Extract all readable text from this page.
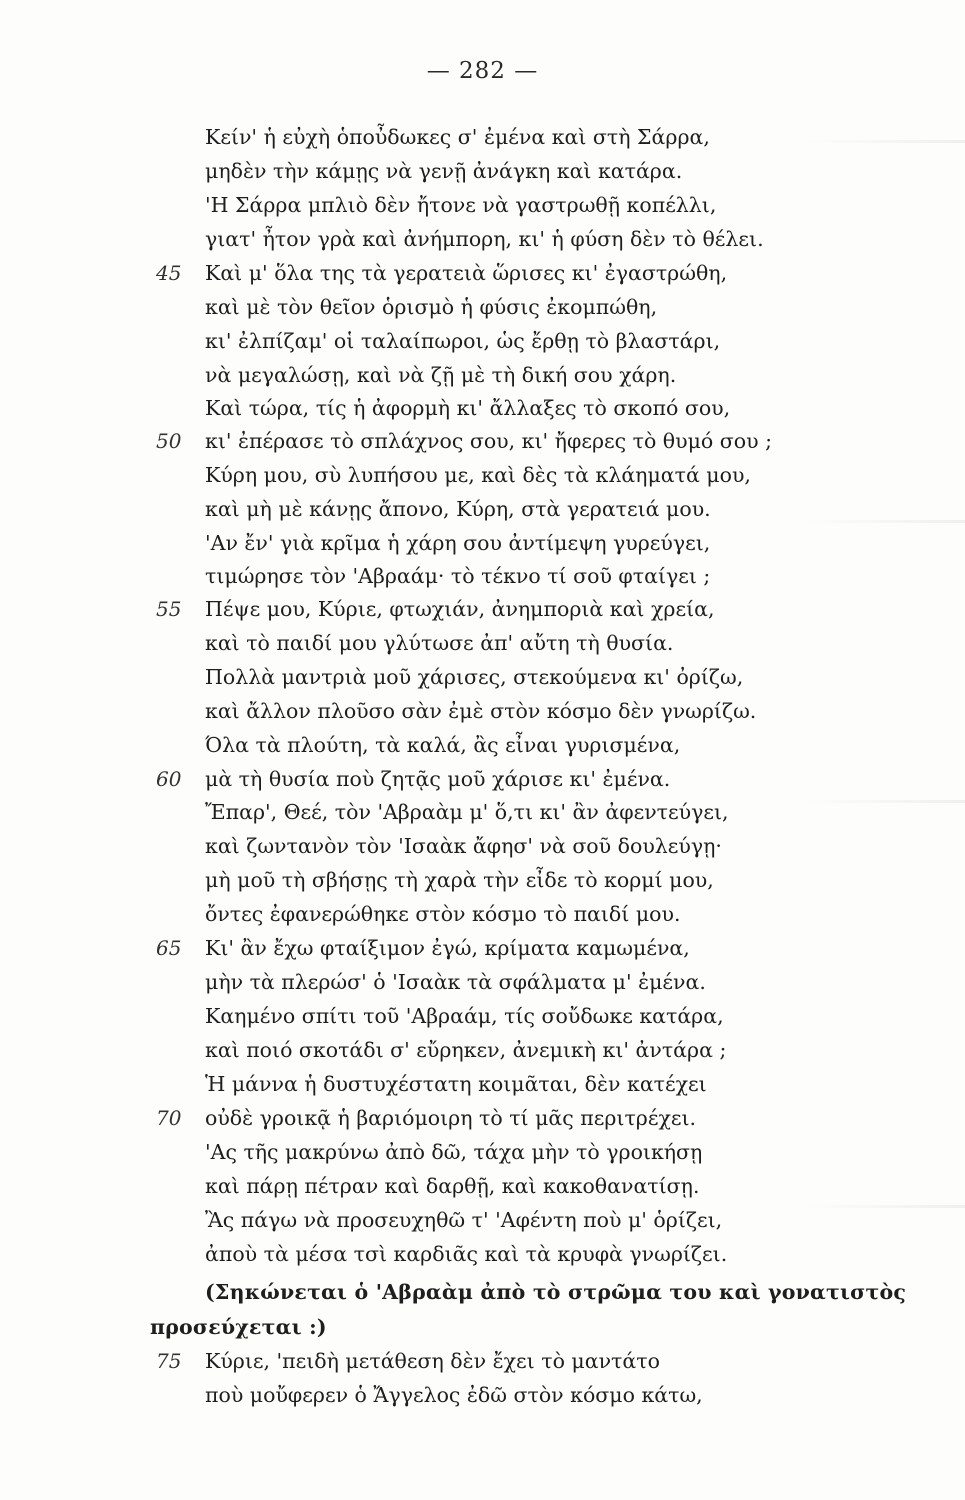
— 282 —
45
50
55
60
65
70
75
Κείν' ἡ εὐχὴ ὁποὖδωκες σ' ἐμένα καὶ στὴ Σάρρα,
μηδὲν τὴν κάμῃς νὰ γενῇ ἀνάγκη καὶ κατάρα.
'Η Σάρρα μπλιὸ δὲν ἤτονε νὰ γαστρωθῇ κοπέλλι,
γιατ' ἦτον γρὰ καὶ ἀνήμπορη, κι' ἡ φύση δὲν τὸ θέλει.
Καὶ μ' ὅλα της τὰ γερατειὰ ὥρισες κι' ἐγαστρώθη,
καὶ μὲ τὸν θεῖον ὁρισμὸ ἡ φύσις ἐκομπώθη,
κι' ἐλπίζαμ' οἱ ταλαίπωροι, ὡς ἔρθῃ τὸ βλαστάρι,
νὰ μεγαλώσῃ, καὶ νὰ ζῇ μὲ τὴ δική σου χάρη.
Καὶ τώρα, τίς ἡ ἀφορμὴ κι' ἄλλαξες τὸ σκοπό σου,
κι' ἐπέρασε τὸ σπλάχνος σου, κι' ἤφερες τὸ θυμό σου ;
Κύρη μου, σὺ λυπήσου με, καὶ δὲς τὰ κλάηματά μου,
καὶ μὴ μὲ κάνῃς ἄπονο, Κύρη, στὰ γερατειά μου.
'Αν ἔν' γιὰ κρῖμα ἡ χάρη σου ἀντίμεψη γυρεύγει,
τιμώρησε τὸν 'Αβραάμ· τὸ τέκνο τί σοῦ φταίγει ;
Πέψε μου, Κύριε, φτωχιάν, ἀνημποριὰ καὶ χρεία,
καὶ τὸ παιδί μου γλύτωσε ἀπ' αὔτη τὴ θυσία.
Πολλὰ μαντριὰ μοῦ χάρισες, στεκούμενα κι' ὀρίζω,
καὶ ἄλλον πλοῦσο σὰν ἐμὲ στὸν κόσμο δὲν γνωρίζω.
Όλα τὰ πλούτη, τὰ καλά, ἂς εἶναι γυρισμένα,
μὰ τὴ θυσία ποὺ ζητᾷς μοῦ χάρισε κι' ἐμένα.
Ἔπαρ', Θεέ, τὸν 'Αβραὰμ μ' ὅ,τι κι' ἂν ἀφεντεύγει,
καὶ ζωντανὸν τὸν 'Ισαὰκ ἄφησ' νὰ σοῦ δουλεύγῃ·
μὴ μοῦ τὴ σβήσῃς τὴ χαρὰ τὴν εἶδε τὸ κορμί μου,
ὄντες ἐφανερώθηκε στὸν κόσμο τὸ παιδί μου.
Κι' ἂν ἔχω φταίξιμον ἐγώ, κρίματα καμωμένα,
μὴν τὰ πλερώσ' ὁ 'Ισαὰκ τὰ σφάλματα μ' ἐμένα.
Καημένο σπίτι τοῦ 'Αβραάμ, τίς σοὔδωκε κατάρα,
καὶ ποιό σκοτάδι σ' εὔρηκεν, ἀνεμικὴ κι' ἀντάρα ;
Ἡ μάννα ἡ δυστυχέστατη κοιμᾶται, δὲν κατέχει
οὐδὲ γροικᾷ ἡ βαριόμοιρη τὸ τί μᾶς περιτρέχει.
'Ας τῆς μακρύνω ἀπὸ δῶ, τάχα μὴν τὸ γροικήσῃ
καὶ πάρῃ πέτραν καὶ δαρθῇ, καὶ κακοθανατίσῃ.
Ἂς πάγω νὰ προσευχηθῶ τ' 'Αφέντη ποὺ μ' ὁρίζει,
ἀποὺ τὰ μέσα τσὶ καρδιᾶς καὶ τὰ κρυφὰ γνωρίζει.
(Σηκώνεται ὁ 'Αβραὰμ ἀπὸ τὸ στρῶμα του καὶ γονατιστὸς
προσεύχεται :)
Κύριε, 'πειδὴ μετάθεση δὲν ἔχει τὸ μαντάτο
ποὺ μοὔφερεν ὁ Ἄγγελος ἐδῶ στὸν κόσμο κάτω,
